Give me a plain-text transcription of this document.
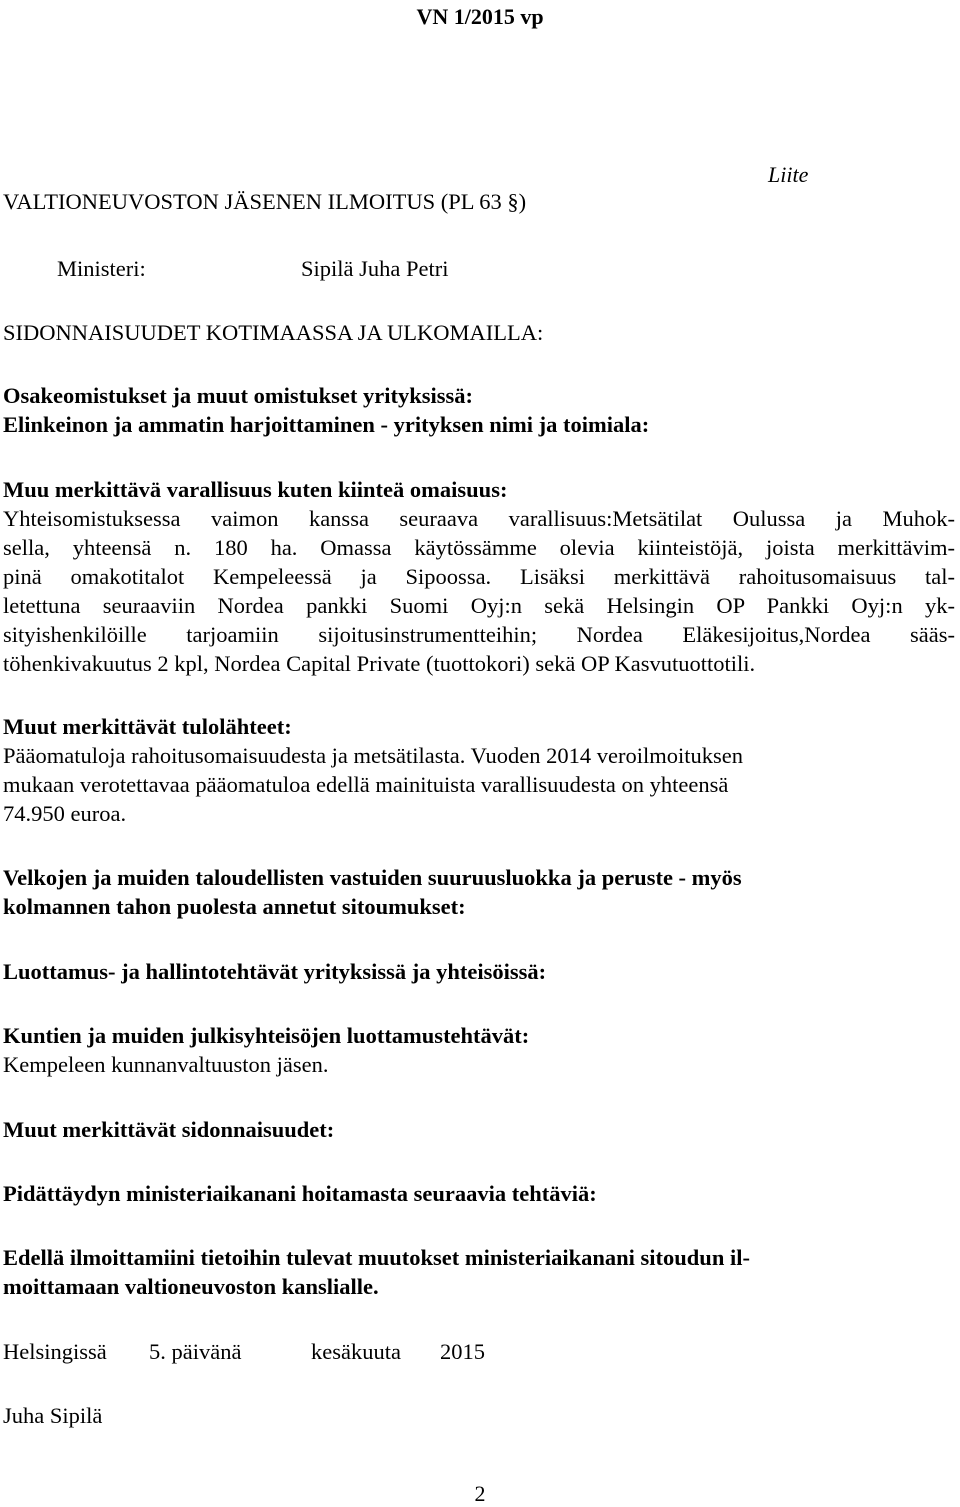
VN 1/2015 vp
Liite
VALTIONEUVOSTON JÄSENEN ILMOITUS (PL 63 §)
Ministeri:	Sipilä Juha Petri
SIDONNAISUUDET KOTIMAASSA JA ULKOMAILLA:
Osakeomistukset ja muut omistukset yrityksissä:
Elinkeinon ja ammatin harjoittaminen - yrityksen nimi ja toimiala:
Muu merkittävä varallisuus kuten kiinteä omaisuus:
Yhteisomistuksessa vaimon kanssa seuraava varallisuus:Metsätilat Oulussa ja Muhok-
sella, yhteensä n. 180 ha. Omassa käytössämme olevia kiinteistöjä, joista merkittävim-
pinä omakotitalot Kempeleessä ja Sipoossa. Lisäksi merkittävä rahoitusomaisuus tal-
letettuna seuraaviin Nordea pankki Suomi Oyj:n sekä Helsingin OP Pankki Oyj:n yk-
sityishenkilöille tarjoamiin sijoitusinstrumentteihin; Nordea Eläkesijoitus,Nordea sääs-
töhenkivakuutus 2 kpl, Nordea Capital Private (tuottokori) sekä OP Kasvutuottotili.
Muut merkittävät tulolähteet:
Pääomatuloja rahoitusomaisuudesta ja metsätilasta. Vuoden 2014 veroilmoituksen
mukaan verotettavaa pääomatuloa edellä mainituista varallisuudesta on yhteensä
74.950 euroa.
Velkojen ja muiden taloudellisten vastuiden suuruusluokka ja peruste - myös
kolmannen tahon puolesta annetut sitoumukset:
Luottamus- ja hallintotehtävät yrityksissä ja yhteisöissä:
Kuntien ja muiden julkisyhteisöjen luottamustehtävät:
Kempeleen kunnanvaltuuston jäsen.
Muut merkittävät sidonnaisuudet:
Pidättäydyn ministeriaikanani hoitamasta seuraavia tehtäviä:
Edellä ilmoittamiini tietoihin tulevat muutokset ministeriaikanani sitoudun il-
moittamaan valtioneuvoston kanslialle.
Helsingissä 5. päivänä	kesäkuuta 2015
Juha Sipilä
2
